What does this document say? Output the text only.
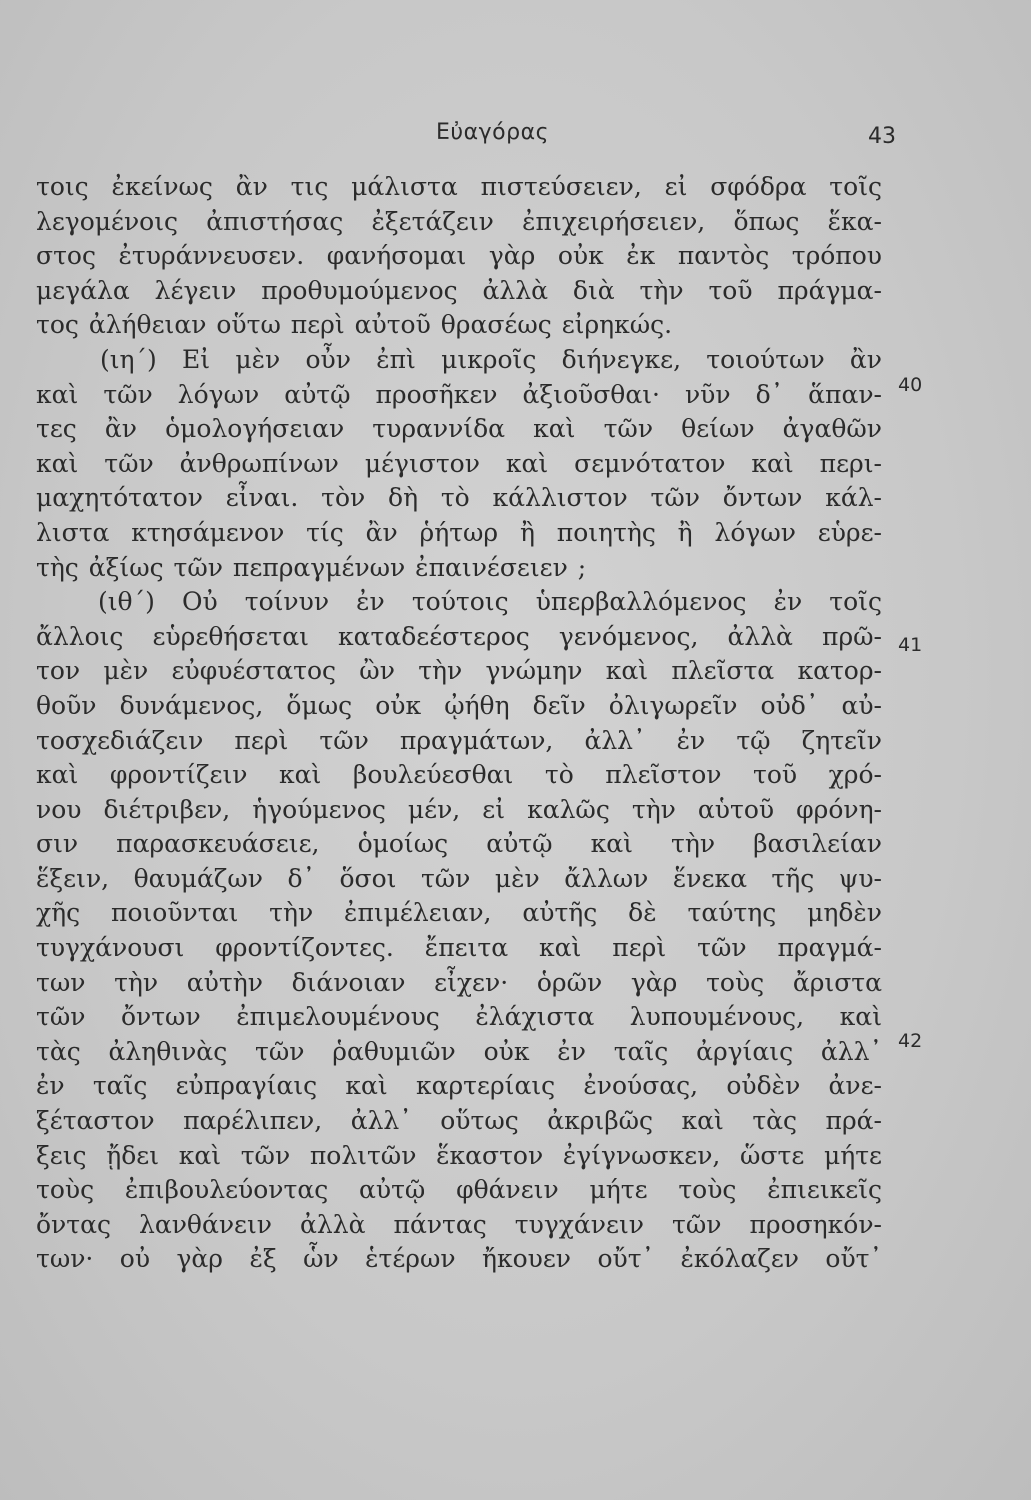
Εὐαγόρας	43
τοις ἐκείνως ἂν τις μάλιστα πιστεύσειεν, εἰ σφόδρα τοῖς
λεγομένοις ἀπιστήσας ἐξετάζειν ἐπιχειρήσειεν, ὅπως ἕκα-
στος ἐτυράννευσεν. φανήσομαι γὰρ οὐκ ἐκ παντὸς τρόπου
μεγάλα λέγειν προθυμούμενος ἀλλὰ διὰ τὴν τοῦ πράγμα-
τος ἀλήθειαν οὕτω περὶ αὐτοῦ θρασέως εἰρηκώς.
(ιη΄) Εἰ μὲν οὖν ἐπὶ μικροῖς διήνεγκε, τοιούτων ἂν
καὶ τῶν λόγων αὐτῷ προσῆκεν ἀξιοῦσθαι· νῦν δ᾽ ἅπαν-
τες ἂν ὁμολογήσειαν τυραννίδα καὶ τῶν θείων ἀγαθῶν
καὶ τῶν ἀνθρωπίνων μέγιστον καὶ σεμνότατον καὶ περι-
μαχητότατον εἶναι. τὸν δὴ τὸ κάλλιστον τῶν ὄντων κάλ-
λιστα κτησάμενον τίς ἂν ῥήτωρ ἢ ποιητὴς ἢ λόγων εὑρε-
τὴς ἀξίως τῶν πεπραγμένων ἐπαινέσειεν ;
(ιθ΄) Οὐ τοίνυν ἐν τούτοις ὑπερβαλλόμενος ἐν τοῖς
ἄλλοις εὑρεθήσεται καταδεέστερος γενόμενος, ἀλλὰ πρῶ-
τον μὲν εὐφυέστατος ὢν τὴν γνώμην καὶ πλεῖστα κατορ-
θοῦν δυνάμενος, ὅμως οὐκ ᾠήθη δεῖν ὀλιγωρεῖν οὐδ᾽ αὐ-
τοσχεδιάζειν περὶ τῶν πραγμάτων, ἀλλ᾽ ἐν τῷ ζητεῖν
καὶ φροντίζειν καὶ βουλεύεσθαι τὸ πλεῖστον τοῦ χρό-
νου διέτριβεν, ἡγούμενος μέν, εἰ καλῶς τὴν αὑτοῦ φρόνη-
σιν παρασκευάσειε, ὁμοίως αὐτῷ καὶ τὴν βασιλείαν
ἕξειν, θαυμάζων δ᾽ ὅσοι τῶν μὲν ἄλλων ἕνεκα τῆς ψυ-
χῆς ποιοῦνται τὴν ἐπιμέλειαν, αὐτῆς δὲ ταύτης μηδὲν
τυγχάνουσι φροντίζοντες. ἔπειτα καὶ περὶ τῶν πραγμά-
των τὴν αὐτὴν διάνοιαν εἶχεν· ὁρῶν γὰρ τοὺς ἄριστα
τῶν ὄντων ἐπιμελουμένους ἐλάχιστα λυπουμένους, καὶ
τὰς ἀληθινὰς τῶν ῥαθυμιῶν οὐκ ἐν ταῖς ἀργίαις ἀλλ᾽
ἐν ταῖς εὐπραγίαις καὶ καρτερίαις ἐνούσας, οὐδὲν ἀνε-
ξέταστον παρέλιπεν, ἀλλ᾽ οὕτως ἀκριβῶς καὶ τὰς πρά-
ξεις ᾔδει καὶ τῶν πολιτῶν ἕκαστον ἐγίγνωσκεν, ὥστε μήτε
τοὺς ἐπιβουλεύοντας αὐτῷ φθάνειν μήτε τοὺς ἐπιεικεῖς
ὄντας λανθάνειν ἀλλὰ πάντας τυγχάνειν τῶν προσηκόν-
των· οὐ γὰρ ἐξ ὧν ἑτέρων ἤκουεν οὔτ᾽ ἐκόλαζεν οὔτ᾽
40
41
42
